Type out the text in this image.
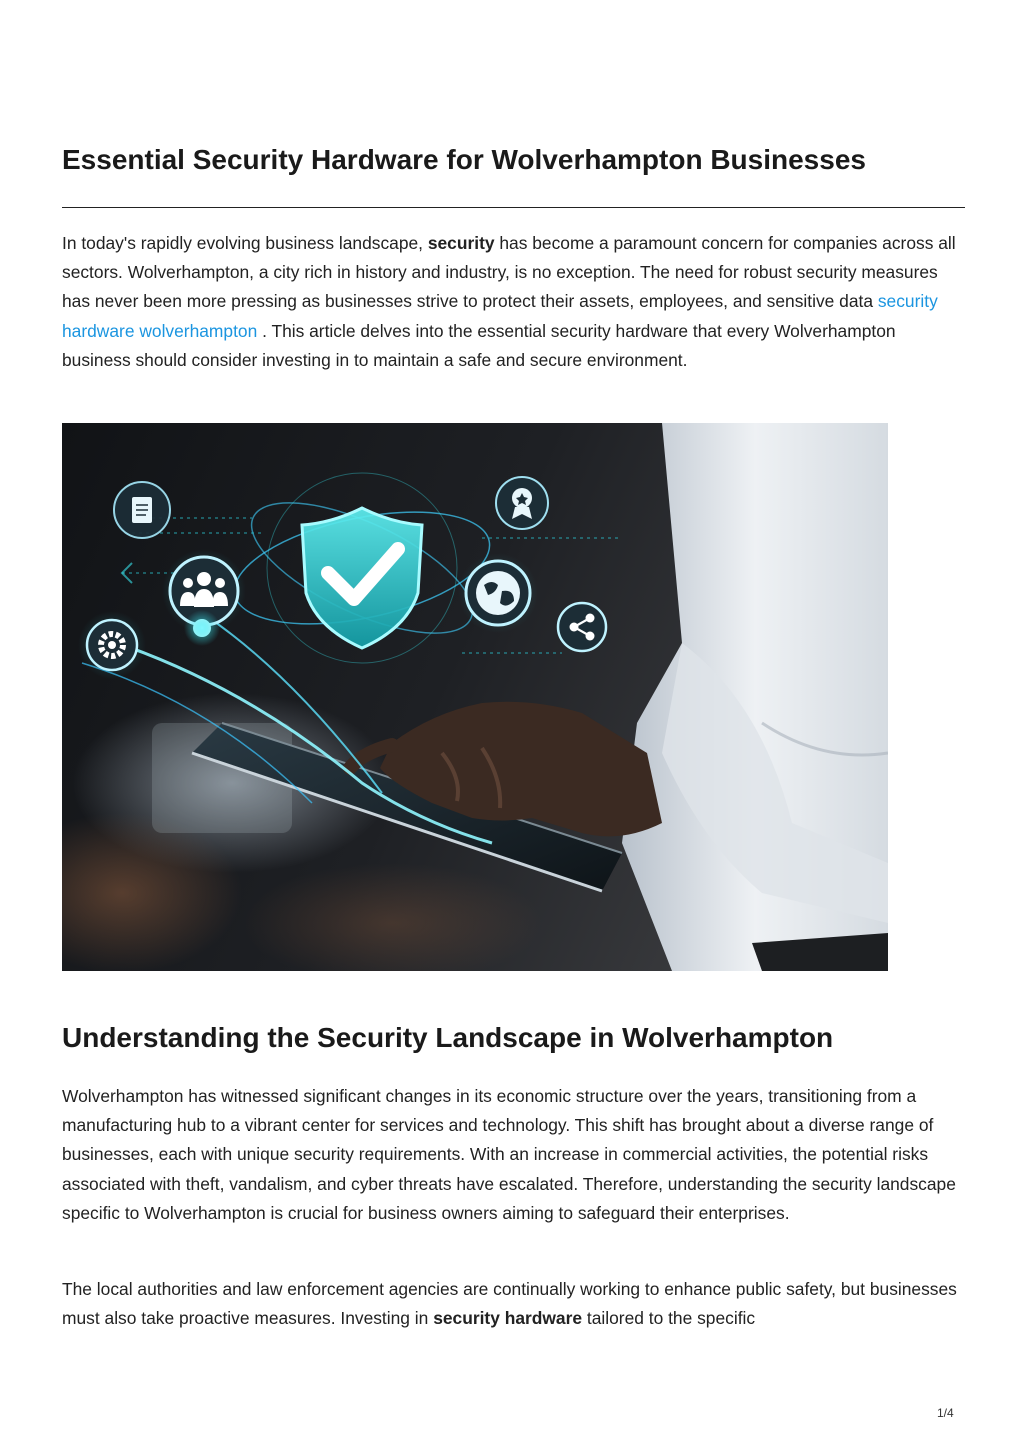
Essential Security Hardware for Wolverhampton Businesses

In today's rapidly evolving business landscape, security has become a paramount concern for companies across all sectors. Wolverhampton, a city rich in history and industry, is no exception. The need for robust security measures has never been more pressing as businesses strive to protect their assets, employees, and sensitive data security hardware wolverhampton . This article delves into the essential security hardware that every Wolverhampton business should consider investing in to maintain a safe and secure environment.

Understanding the Security Landscape in Wolverhampton

Wolverhampton has witnessed significant changes in its economic structure over the years, transitioning from a manufacturing hub to a vibrant center for services and technology. This shift has brought about a diverse range of businesses, each with unique security requirements. With an increase in commercial activities, the potential risks associated with theft, vandalism, and cyber threats have escalated. Therefore, understanding the security landscape specific to Wolverhampton is crucial for business owners aiming to safeguard their enterprises.

The local authorities and law enforcement agencies are continually working to enhance public safety, but businesses must also take proactive measures. Investing in security hardware tailored to the specific

1/4
